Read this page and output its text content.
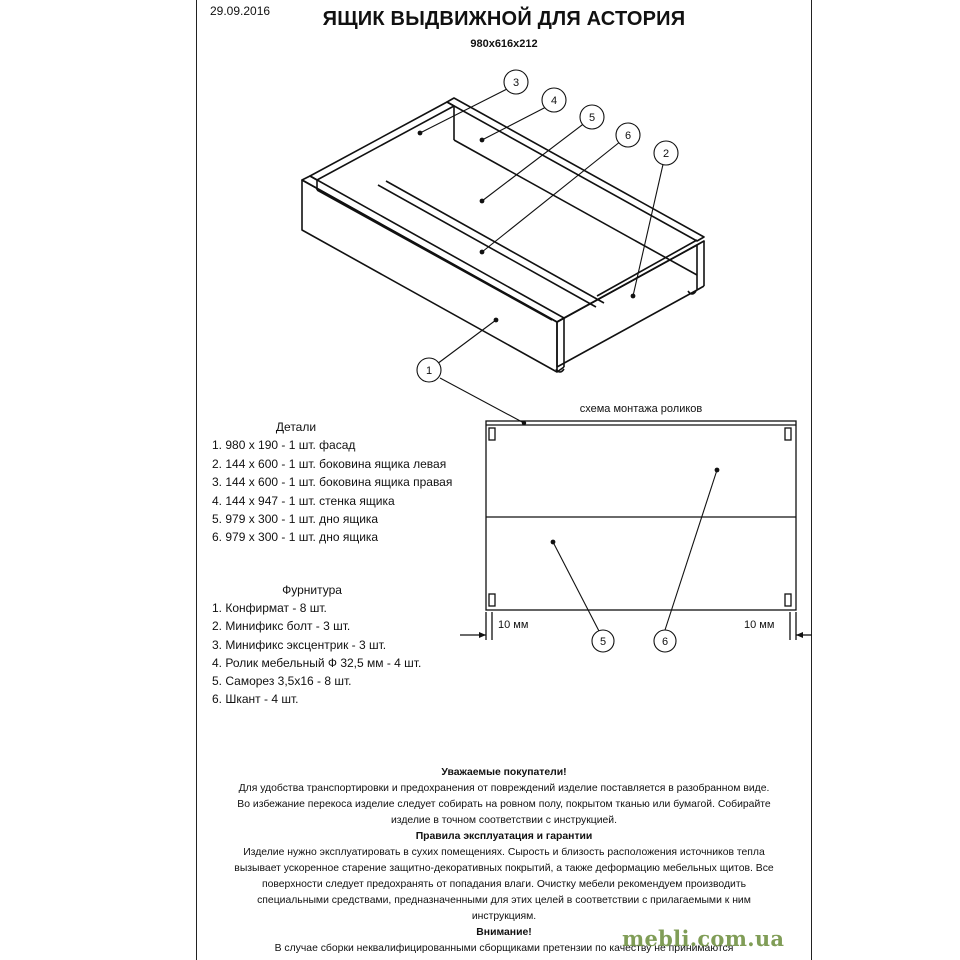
29.09.2016	ЯЩИК ВЫДВИЖНОЙ ДЛЯ АСТОРИЯ
980x616x212
1
2
3
4
5
6
схема монтажа роликов
10 мм	10 мм
5	6
Детали
1. 980 х 190 - 1 шт. фасад
2. 144 х 600 - 1 шт. боковина ящика левая
3. 144 х 600 - 1 шт. боковина ящика правая
4. 144 х 947 - 1 шт. стенка ящика
5. 979 х 300 - 1 шт. дно ящика
6. 979 х 300 - 1 шт. дно ящика
Фурнитура
1. Конфирмат - 8 шт.
2. Минификс болт - 3 шт.
3. Минификс эксцентрик - 3 шт.
4. Ролик мебельный Ф 32,5 мм - 4 шт.
5. Саморез 3,5х16 - 8 шт.
6. Шкант - 4 шт.
Уважаемые покупатели!
Для удобства транспортировки и предохранения от повреждений изделие поставляется в разобранном виде.
Во избежание перекоса изделие следует собирать на ровном полу, покрытом тканью или бумагой. Собирайте
изделие в точном соответствии с инструкцией.
Правила эксплуатация и гарантии
Изделие нужно эксплуатировать в сухих помещениях. Сырость и близость расположения источников тепла
вызывает ускоренное старение защитно-декоративных покрытий, а также деформацию мебельных щитов. Все
поверхности следует предохранять от попадания влаги. Очистку мебели рекомендуем производить
специальными средствами, предназначенными для этих целей в соответствии с прилагаемыми к ним
инструкциям.
Внимание!
В случае сборки неквалифицированными сборщиками претензии по качеству не принимаются
mebli.com.ua
